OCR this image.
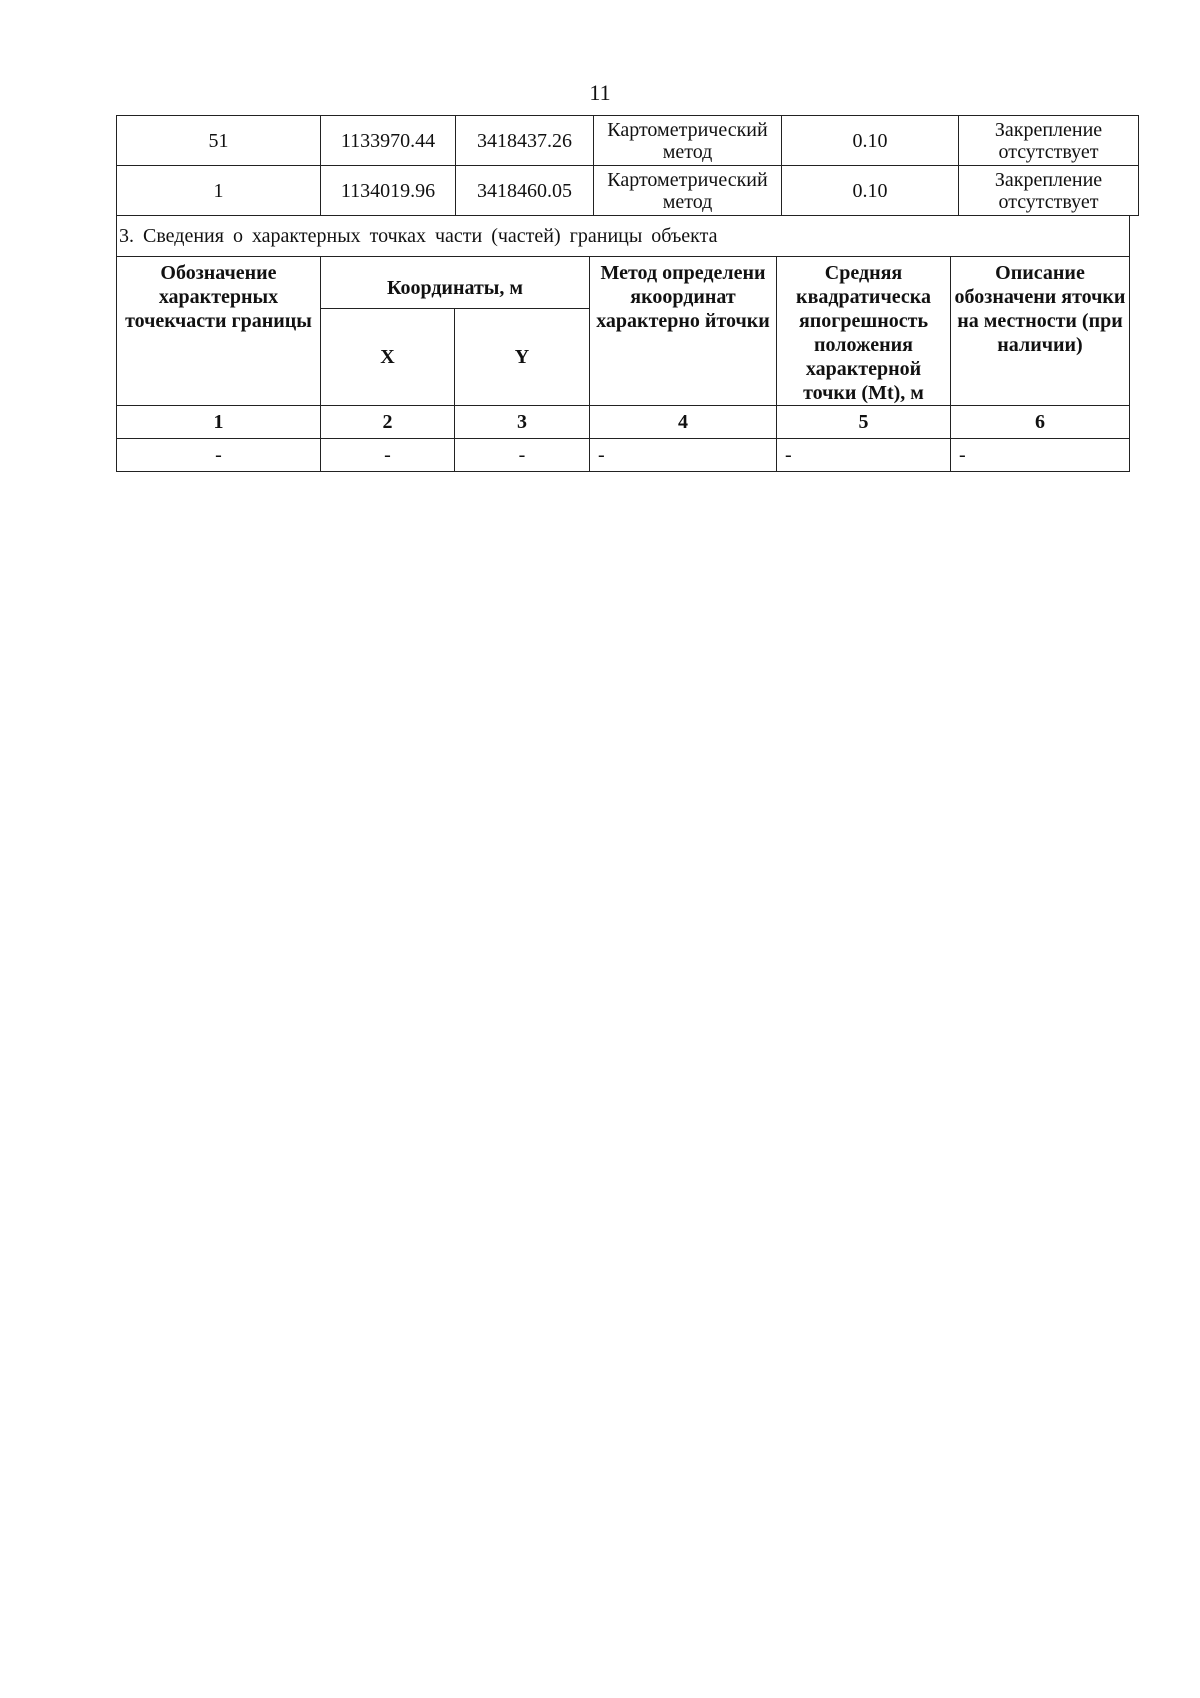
11
51	1133970.44	3418437.26	Картометрический метод	0.10	Закрепление отсутствует
1	1134019.96	3418460.05	Картометрический метод	0.10	Закрепление отсутствует
3. Сведения о характерных точках части (частей) границы объекта					
Обозначение характерных точекчасти границы	Координаты, м		Метод определени якоординат характерно йточки	Средняя квадратическа япогрешность положения характерной точки (Mt), м	Описание обозначени яточки на местности (при наличии)
	X	Y			
1	2	3	4	5	6
-	-	-	-	-	-
